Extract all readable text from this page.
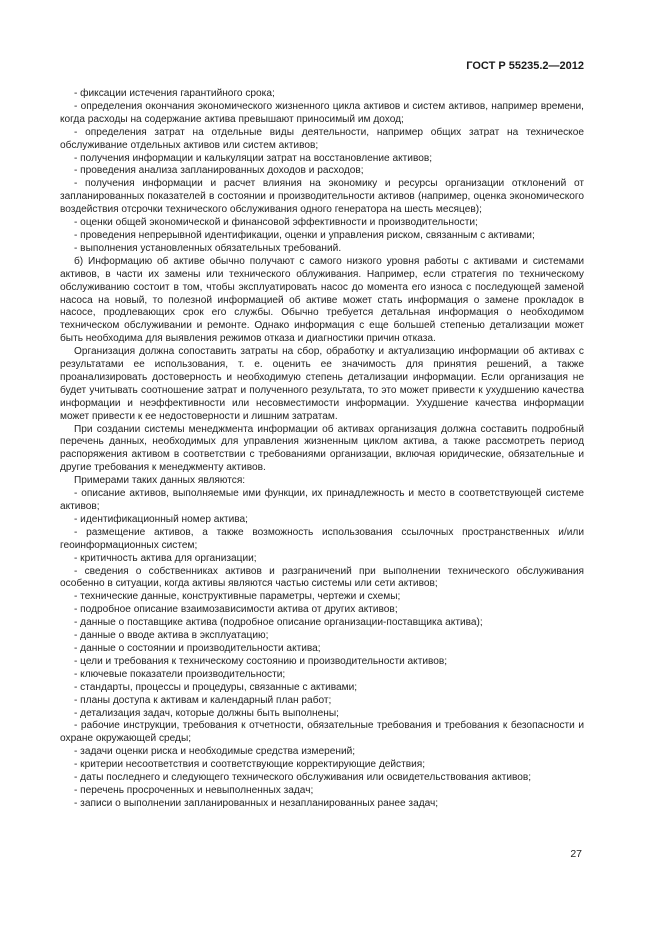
ГОСТ Р 55235.2—2012

- фиксации истечения гарантийного срока;

- определения окончания экономического жизненного цикла активов и систем активов, например времени, когда расходы на содержание актива превышают приносимый им доход;

- определения затрат на отдельные виды деятельности, например общих затрат на техническое обслуживание отдельных активов или систем активов;

- получения информации и калькуляции затрат на восстановление активов;

- проведения анализа запланированных доходов и расходов;

- получения информации и расчет влияния на экономику и ресурсы организации отклонений от запланированных показателей в состоянии и производительности активов (например, оценка экономического воздействия отсрочки технического обслуживания одного генератора на шесть месяцев);

- оценки общей экономической и финансовой эффективности и производительности;

- проведения непрерывной идентификации, оценки и управления риском, связанным с активами;

- выполнения установленных обязательных требований.

б) Информацию об активе обычно получают с самого низкого уровня работы с активами и системами активов, в части их замены или технического облуживания. Например, если стратегия по техническому обслуживанию состоит в том, чтобы эксплуатировать насос до момента его износа с последующей заменой насоса на новый, то полезной информацией об активе может стать информация о замене прокладок в насосе, продлевающих срок его службы. Обычно требуется детальная информация о необходимом техническом обслуживании и ремонте. Однако информация с еще большей степенью детализации может быть необходима для выявления режимов отказа и диагностики причин отказа.

Организация должна сопоставить затраты на сбор, обработку и актуализацию информации об активах с результатами ее использования, т. е. оценить ее значимость для принятия решений, а также проанализировать достоверность и необходимую степень детализации информации. Если организация не будет учитывать соотношение затрат и полученного результата, то это может привести к ухудшению качества информации и неэффективности или несовместимости информации. Ухудшение качества информации может привести к ее недостоверности и лишним затратам.

При создании системы менеджмента информации об активах организация должна составить подробный перечень данных, необходимых для управления жизненным циклом актива, а также рассмотреть период распоряжения активом в соответствии с требованиями организации, включая юридические, обязательные и другие требования к менеджменту активов.

Примерами таких данных являются:

- описание активов, выполняемые ими функции, их принадлежность и место в соответствующей системе активов;

- идентификационный номер актива;

- размещение активов, а также возможность использования ссылочных пространственных и/или геоинформационных систем;

- критичность актива для организации;

- сведения о собственниках активов и разграничений при выполнении технического обслуживания особенно в ситуации, когда активы являются частью системы или сети активов;

- технические данные, конструктивные параметры, чертежи и схемы;

- подробное описание взаимозависимости актива от других активов;

- данные о поставщике актива (подробное описание организации-поставщика актива);

- данные о вводе актива в эксплуатацию;

- данные о состоянии и производительности актива;

- цели и требования к техническому состоянию и производительности активов;

- ключевые показатели производительности;

- стандарты, процессы и процедуры, связанные с активами;

- планы доступа к активам и календарный план работ;

- детализация задач, которые должны быть выполнены;

- рабочие инструкции, требования к отчетности, обязательные требования и требования к безопасности и охране окружающей среды;

- задачи оценки риска и необходимые средства измерений;

- критерии несоответствия и соответствующие корректирующие действия;

- даты последнего и следующего технического обслуживания или освидетельствования активов;

- перечень просроченных и невыполненных задач;

- записи о выполнении запланированных и незапланированных ранее задач;

27
